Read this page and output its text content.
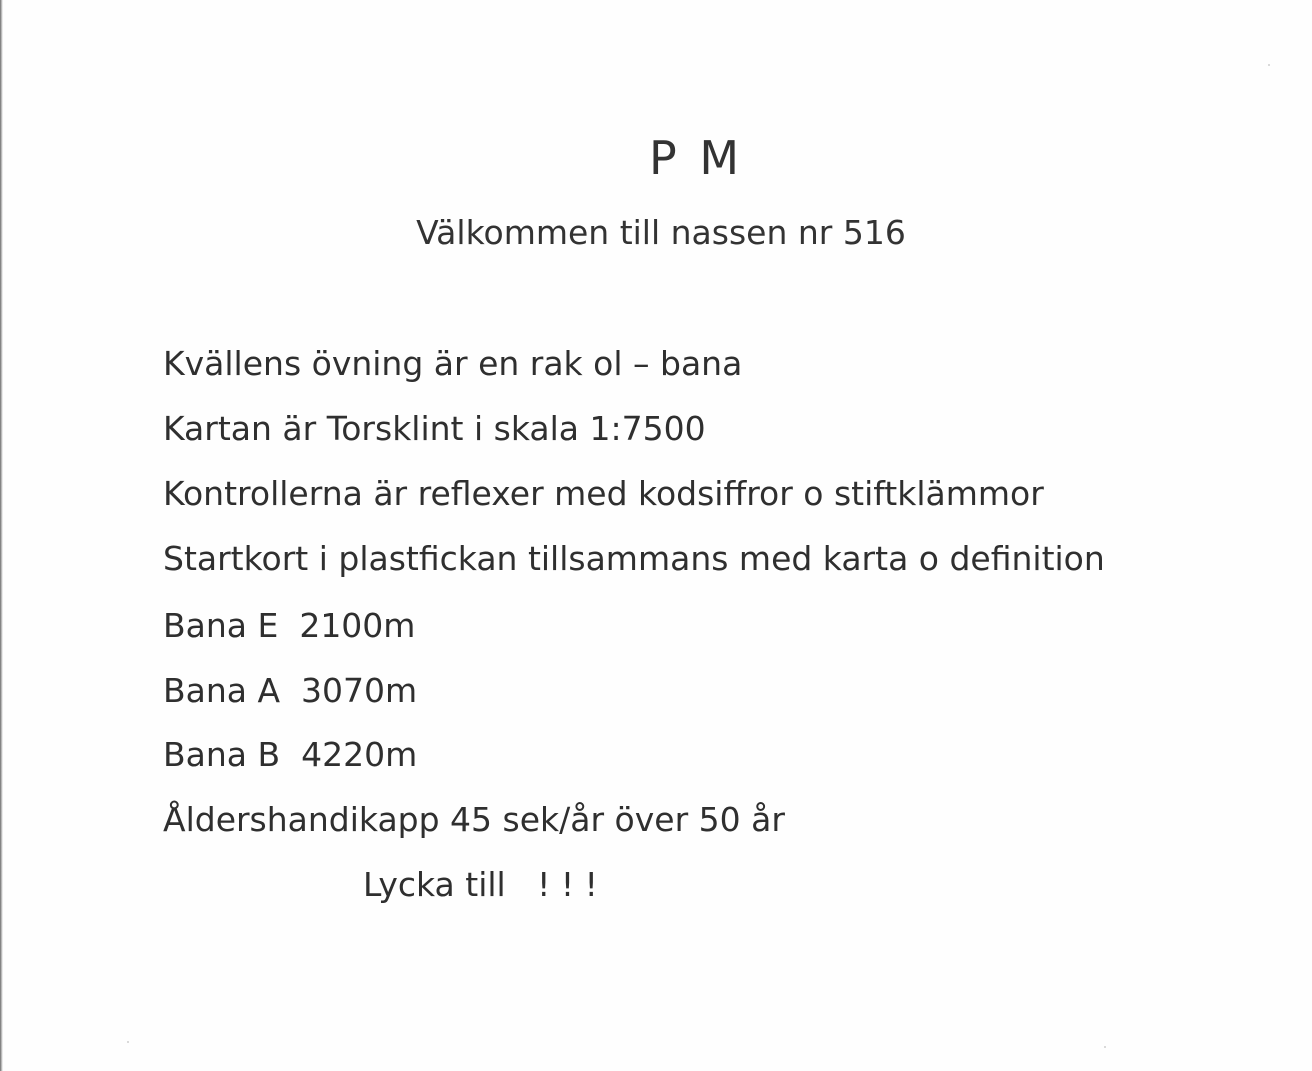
P M
Välkommen till nassen nr 516
Kvällens övning är en rak ol – bana
Kartan är Torsklint i skala 1:7500
Kontrollerna är reflexer med kodsiffror o stiftklämmor
Startkort i plastfickan tillsammans med karta o definition
Bana E  2100m
Bana A  3070m
Bana B  4220m
Åldershandikapp 45 sek/år över 50 år
Lycka till   ! ! !
